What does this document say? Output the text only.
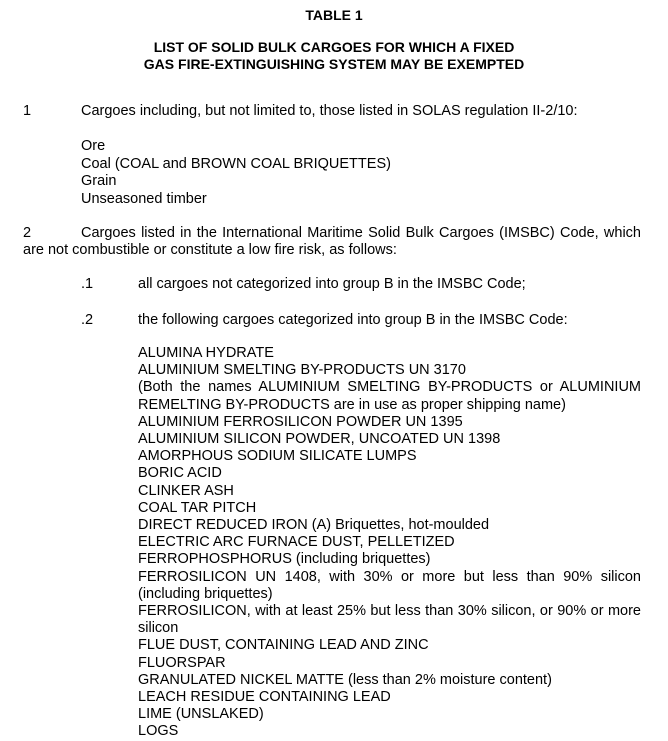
TABLE 1
LIST OF SOLID BULK CARGOES FOR WHICH A FIXED
GAS FIRE-EXTINGUISHING SYSTEM MAY BE EXEMPTED
1	Cargoes including, but not limited to, those listed in SOLAS regulation II-2/10:
Ore
Coal (COAL and BROWN COAL BRIQUETTES)
Grain
Unseasoned timber
2	Cargoes listed in the International Maritime Solid Bulk Cargoes (IMSBC) Code, which are not combustible or constitute a low fire risk, as follows:
.1	all cargoes not categorized into group B in the IMSBC Code;
.2	the following cargoes categorized into group B in the IMSBC Code:
ALUMINA HYDRATE
ALUMINIUM SMELTING BY-PRODUCTS UN 3170
(Both the names ALUMINIUM SMELTING BY-PRODUCTS or ALUMINIUM REMELTING BY-PRODUCTS are in use as proper shipping name)
ALUMINIUM FERROSILICON POWDER UN 1395
ALUMINIUM SILICON POWDER, UNCOATED UN 1398
AMORPHOUS SODIUM SILICATE LUMPS
BORIC ACID
CLINKER ASH
COAL TAR PITCH
DIRECT REDUCED IRON (A) Briquettes, hot-moulded
ELECTRIC ARC FURNACE DUST, PELLETIZED
FERROPHOSPHORUS (including briquettes)
FERROSILICON UN 1408, with 30% or more but less than 90% silicon (including briquettes)
FERROSILICON, with at least 25% but less than 30% silicon, or 90% or more silicon
FLUE DUST, CONTAINING LEAD AND ZINC
FLUORSPAR
GRANULATED NICKEL MATTE (less than 2% moisture content)
LEACH RESIDUE CONTAINING LEAD
LIME (UNSLAKED)
LOGS
